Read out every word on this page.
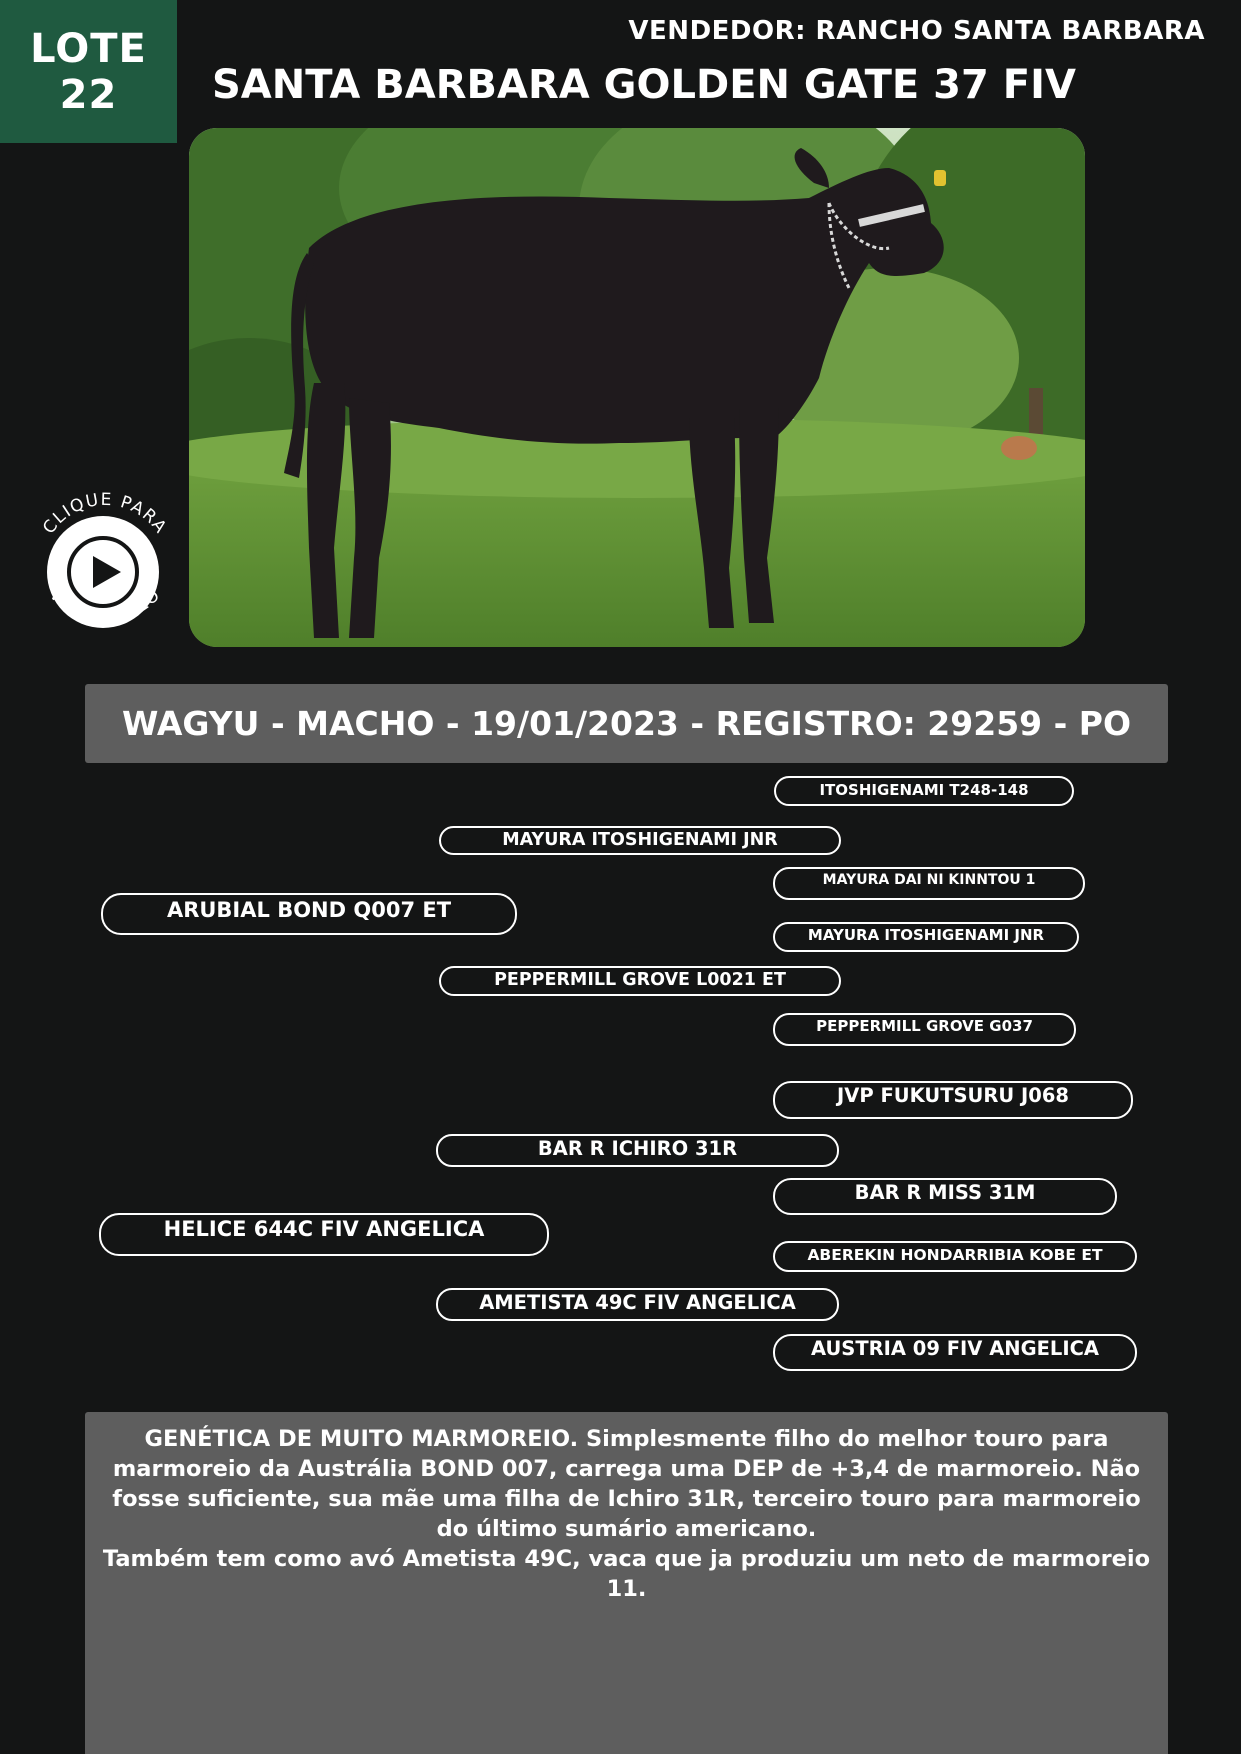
LOTE
22
VENDEDOR: RANCHO SANTA BARBARA
SANTA BARBARA GOLDEN GATE 37 FIV
CLIQUE PARA
VER O VÍDEO
WAGYU - MACHO - 19/01/2023 - REGISTRO: 29259 - PO
ITOSHIGENAMI T248-148
MAYURA ITOSHIGENAMI JNR
MAYURA DAI NI KINNTOU 1
ARUBIAL BOND Q007 ET
MAYURA ITOSHIGENAMI JNR
PEPPERMILL GROVE L0021 ET
PEPPERMILL GROVE G037
JVP FUKUTSURU J068
BAR R ICHIRO 31R
BAR R MISS 31M
HELICE 644C FIV ANGELICA
ABEREKIN HONDARRIBIA KOBE ET
AMETISTA 49C FIV ANGELICA
AUSTRIA 09 FIV ANGELICA

GENÉTICA DE MUITO MARMOREIO. Simplesmente filho do melhor touro para marmoreio da Austrália BOND 007, carrega uma DEP de +3,4 de marmoreio. Não fosse suficiente, sua mãe uma filha de Ichiro 31R, terceiro touro para marmoreio do último sumário americano.

Também tem como avó Ametista 49C, vaca que ja produziu um neto de marmoreio 11.
